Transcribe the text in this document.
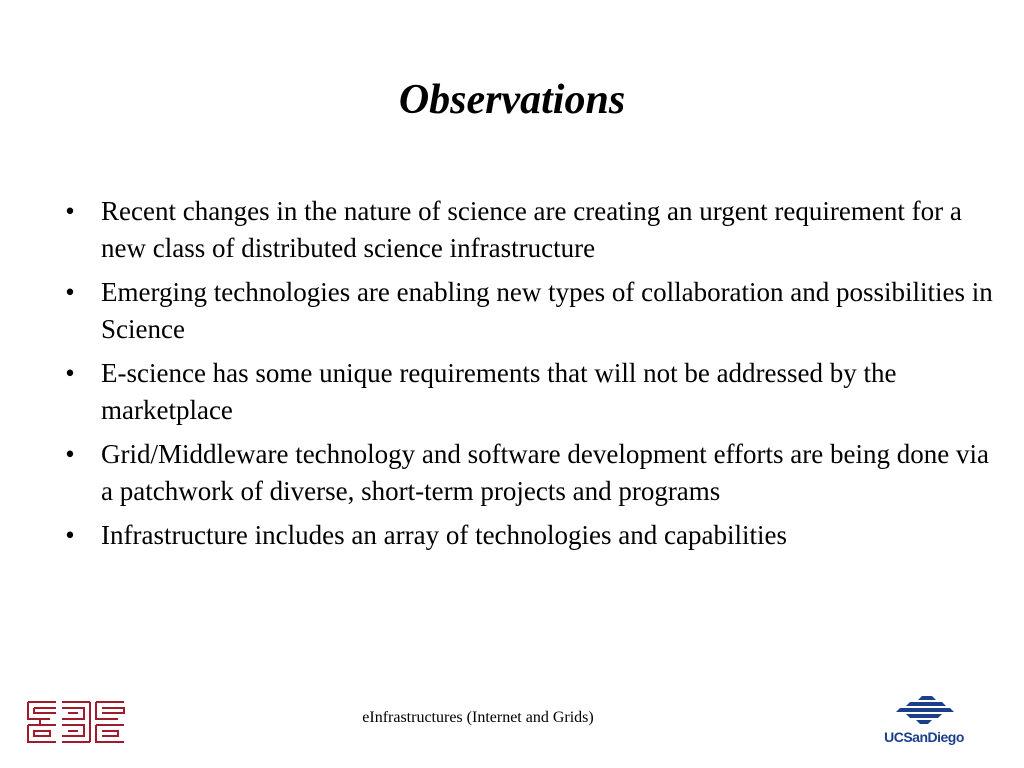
Observations
• Recent changes in the nature of science are creating an urgent requirement for a new class of distributed science infrastructure
• Emerging technologies are enabling new types of collaboration and possibilities in Science
• E-science has some unique requirements that will not be addressed by the marketplace
• Grid/Middleware technology and software development efforts are being done via a patchwork of diverse, short-term projects and programs
• Infrastructure includes an array of technologies and capabilities
eInfrastructures (Internet and Grids)
UCSanDiego
